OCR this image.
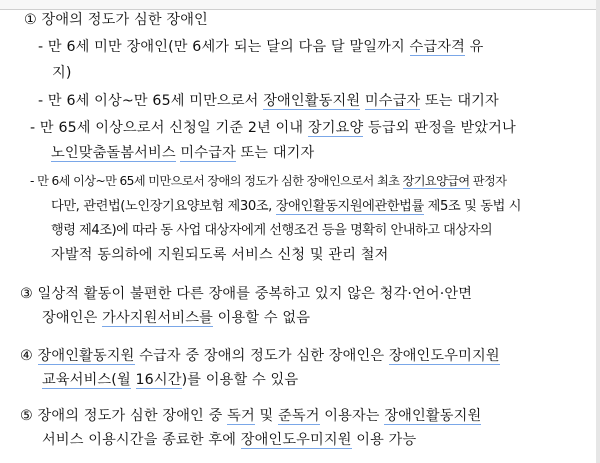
① 장애의 정도가 심한 장애인
- 만 6세 미만 장애인(만 6세가 되는 달의 다음 달 말일까지 수급자격 유
지)
- 만 6세 이상~만 65세 미만으로서 장애인활동지원 미수급자 또는 대기자
- 만 65세 이상으로서 신청일 기준 2년 이내 장기요양 등급외 판정을 받았거나
노인맞춤돌봄서비스 미수급자 또는 대기자
- 만 6세 이상~만 65세 미만으로서 장애의 정도가 심한 장애인으로서 최초 장기요양급여 판정자
다만, 관련법(노인장기요양보험 제30조, 장애인활동지원에관한법률 제5조 및 동법 시
행령 제4조)에 따라 동 사업 대상자에게 선행조건 등을 명확히 안내하고 대상자의
자발적 동의하에 지원되도록 서비스 신청 및 관리 철저
③ 일상적 활동이 불편한 다른 장애를 중복하고 있지 않은 청각·언어·안면
장애인은 가사지원서비스를 이용할 수 없음
④ 장애인활동지원 수급자 중 장애의 정도가 심한 장애인은 장애인도우미지원
교육서비스(월 16시간)를 이용할 수 있음
⑤ 장애의 정도가 심한 장애인 중 독거 및 준독거 이용자는 장애인활동지원
서비스 이용시간을 종료한 후에 장애인도우미지원 이용 가능
